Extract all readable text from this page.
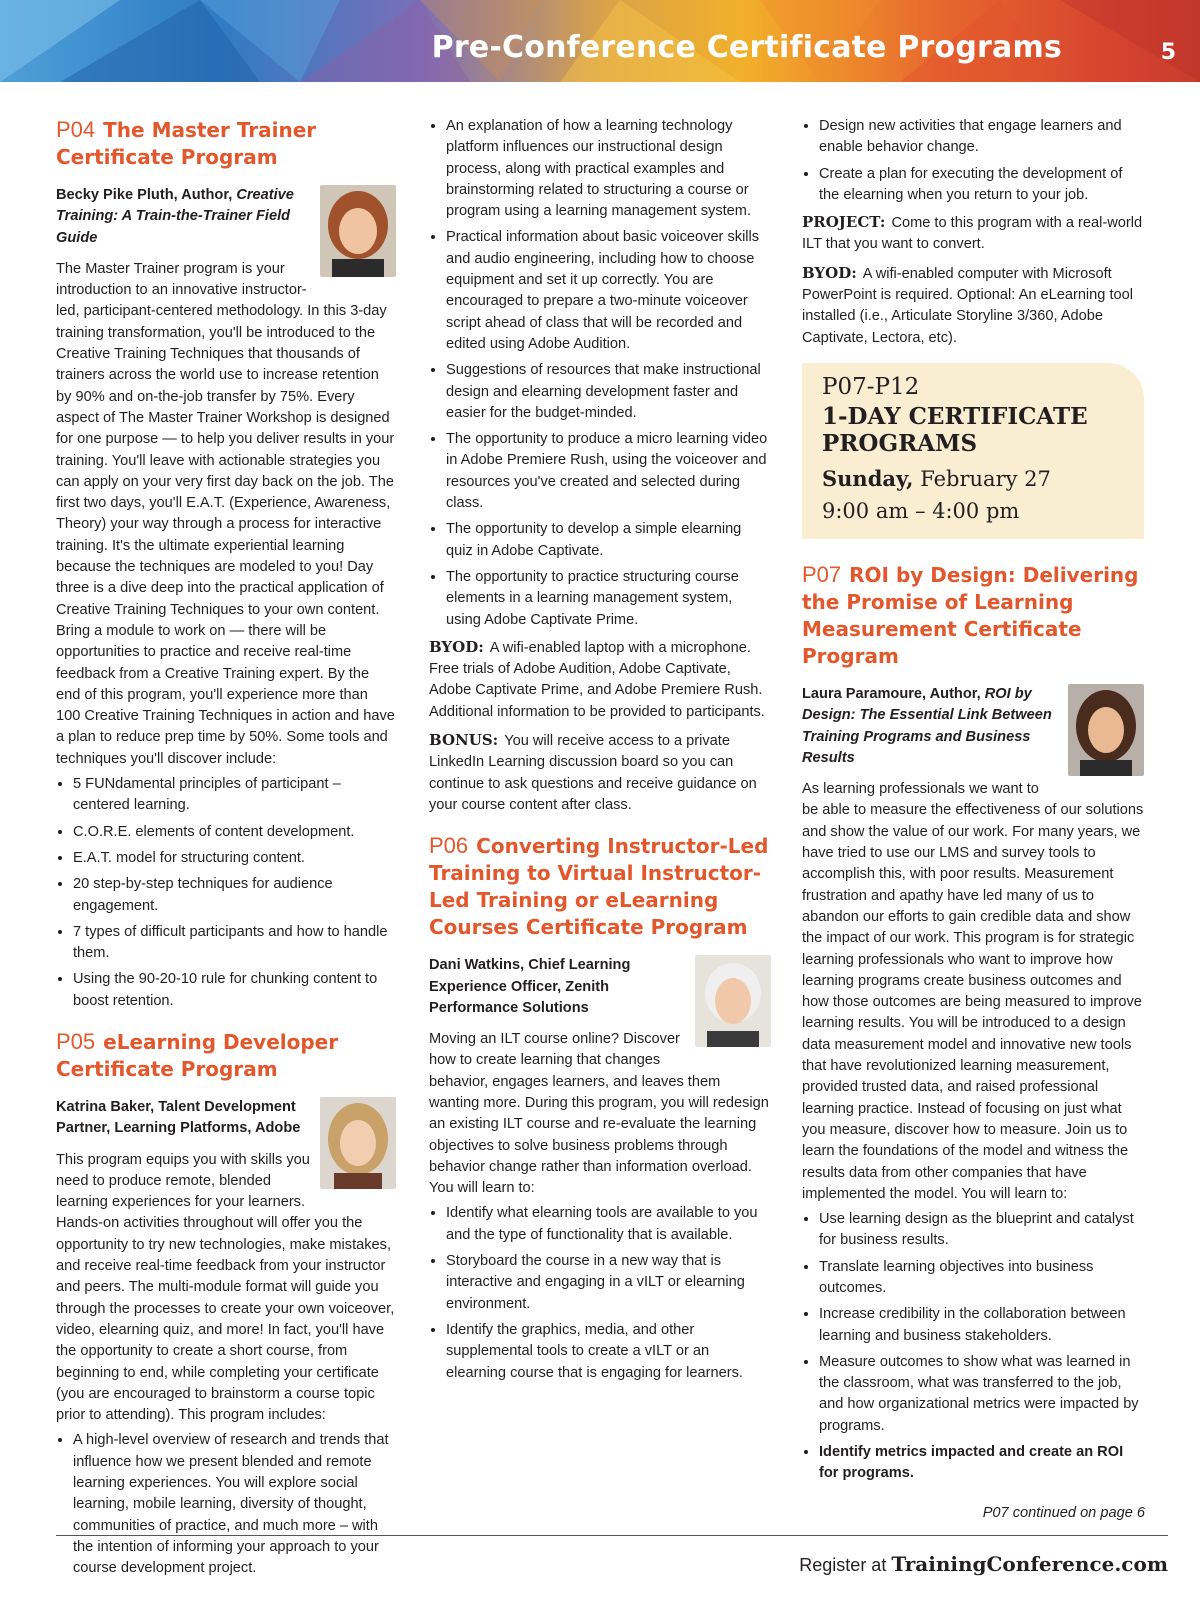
Pre-Conference Certificate Programs	5
P04 The Master Trainer Certificate Program

Becky Pike Pluth, Author, Creative Training: A Train-the-Trainer Field Guide

The Master Trainer program is your introduction to an innovative instructor-led, participant-centered methodology. In this 3-day training transformation, you'll be introduced to the Creative Training Techniques that thousands of trainers across the world use to increase retention by 90% and on-the-job transfer by 75%. Every aspect of The Master Trainer Workshop is designed for one purpose — to help you deliver results in your training. You'll leave with actionable strategies you can apply on your very first day back on the job. The first two days, you'll E.A.T. (Experience, Awareness, Theory) your way through a process for interactive training. It's the ultimate experiential learning because the techniques are modeled to you! Day three is a dive deep into the practical application of Creative Training Techniques to your own content. Bring a module to work on — there will be opportunities to practice and receive real-time feedback from a Creative Training expert. By the end of this program, you'll experience more than 100 Creative Training Techniques in action and have a plan to reduce prep time by 50%. Some tools and techniques you'll discover include:

• 5 FUNdamental principles of participant –centered learning.
• C.O.R.E. elements of content development.
• E.A.T. model for structuring content.
• 20 step-by-step techniques for audience engagement.
• 7 types of difficult participants and how to handle them.
• Using the 90-20-10 rule for chunking content to boost retention.
P05 eLearning Developer Certificate Program

Katrina Baker, Talent Development Partner, Learning Platforms, Adobe

This program equips you with skills you need to produce remote, blended learning experiences for your learners. Hands-on activities throughout will offer you the opportunity to try new technologies, make mistakes, and receive real-time feedback from your instructor and peers. The multi-module format will guide you through the processes to create your own voiceover, video, elearning quiz, and more! In fact, you'll have the opportunity to create a short course, from beginning to end, while completing your certificate (you are encouraged to brainstorm a course topic prior to attending). This program includes:

• A high-level overview of research and trends that influence how we present blended and remote learning experiences. You will explore social learning, mobile learning, diversity of thought, communities of practice, and much more – with the intention of informing your approach to your course development project.
• An explanation of how a learning technology platform influences our instructional design process, along with practical examples and brainstorming related to structuring a course or program using a learning management system.
• Practical information about basic voiceover skills and audio engineering, including how to choose equipment and set it up correctly. You are encouraged to prepare a two-minute voiceover script ahead of class that will be recorded and edited using Adobe Audition.
• Suggestions of resources that make instructional design and elearning development faster and easier for the budget-minded.
• The opportunity to produce a micro learning video in Adobe Premiere Rush, using the voiceover and resources you've created and selected during class.
• The opportunity to develop a simple elearning quiz in Adobe Captivate.
• The opportunity to practice structuring course elements in a learning management system, using Adobe Captivate Prime.

BYOD: A wifi-enabled laptop with a microphone. Free trials of Adobe Audition, Adobe Captivate, Adobe Captivate Prime, and Adobe Premiere Rush. Additional information to be provided to participants.

BONUS: You will receive access to a private LinkedIn Learning discussion board so you can continue to ask questions and receive guidance on your course content after class.

P06 Converting Instructor-Led Training to Virtual Instructor-Led Training or eLearning Courses Certificate Program

Dani Watkins, Chief Learning Experience Officer, Zenith Performance Solutions

Moving an ILT course online? Discover how to create learning that changes behavior, engages learners, and leaves them wanting more. During this program, you will redesign an existing ILT course and re-evaluate the learning objectives to solve business problems through behavior change rather than information overload. You will learn to:

• Identify what elearning tools are available to you and the type of functionality that is available.
• Storyboard the course in a new way that is interactive and engaging in a vILT or elearning environment.
• Identify the graphics, media, and other supplemental tools to create a vILT or an elearning course that is engaging for learners.
• Design new activities that engage learners and enable behavior change.
• Create a plan for executing the development of the elearning when you return to your job.

PROJECT: Come to this program with a real-world ILT that you want to convert.

BYOD: A wifi-enabled computer with Microsoft PowerPoint is required. Optional: An eLearning tool installed (i.e., Articulate Storyline 3/360, Adobe Captivate, Lectora, etc).

P07-P12
1-DAY CERTIFICATE PROGRAMS
Sunday, February 27
9:00 am – 4:00 pm
P07 ROI by Design: Delivering the Promise of Learning Measurement Certificate Program

Laura Paramoure, Author, ROI by Design: The Essential Link Between Training Programs and Business Results

As learning professionals we want to be able to measure the effectiveness of our solutions and show the value of our work. For many years, we have tried to use our LMS and survey tools to accomplish this, with poor results. Measurement frustration and apathy have led many of us to abandon our efforts to gain credible data and show the impact of our work. This program is for strategic learning professionals who want to improve how learning programs create business outcomes and how those outcomes are being measured to improve learning results. You will be introduced to a design data measurement model and innovative new tools that have revolutionized learning measurement, provided trusted data, and raised professional learning practice. Instead of focusing on just what you measure, discover how to measure. Join us to learn the foundations of the model and witness the results data from other companies that have implemented the model. You will learn to:

• Use learning design as the blueprint and catalyst for business results.
• Translate learning objectives into business outcomes.
• Increase credibility in the collaboration between learning and business stakeholders.
• Measure outcomes to show what was learned in the classroom, what was transferred to the job, and how organizational metrics were impacted by programs.
• Identify metrics impacted and create an ROI for programs.
P07 continued on page 6
Register at TrainingConference.com
